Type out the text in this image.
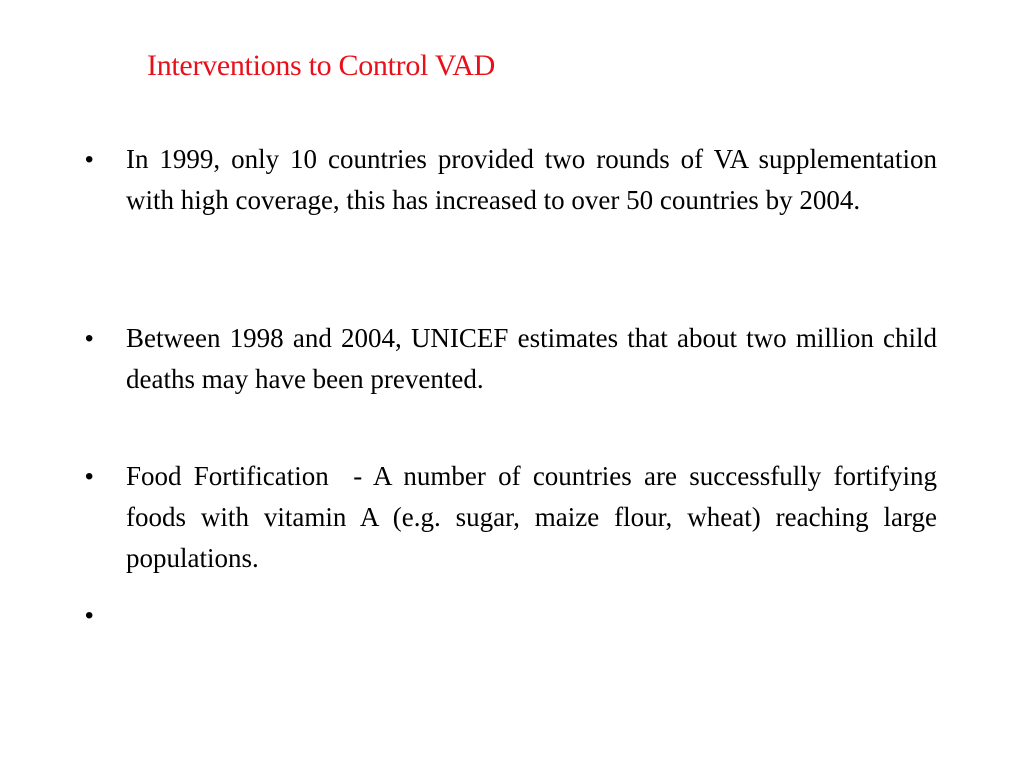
Interventions to Control VAD
•	In 1999, only 10 countries provided two rounds of VA supplementation with high coverage, this has increased to over 50 countries by 2004.
•	Between 1998 and 2004, UNICEF estimates that about two million child deaths may have been prevented.
•	Food Fortification  - A number of countries are successfully fortifying foods with vitamin A (e.g. sugar, maize flour, wheat) reaching large populations.
•
